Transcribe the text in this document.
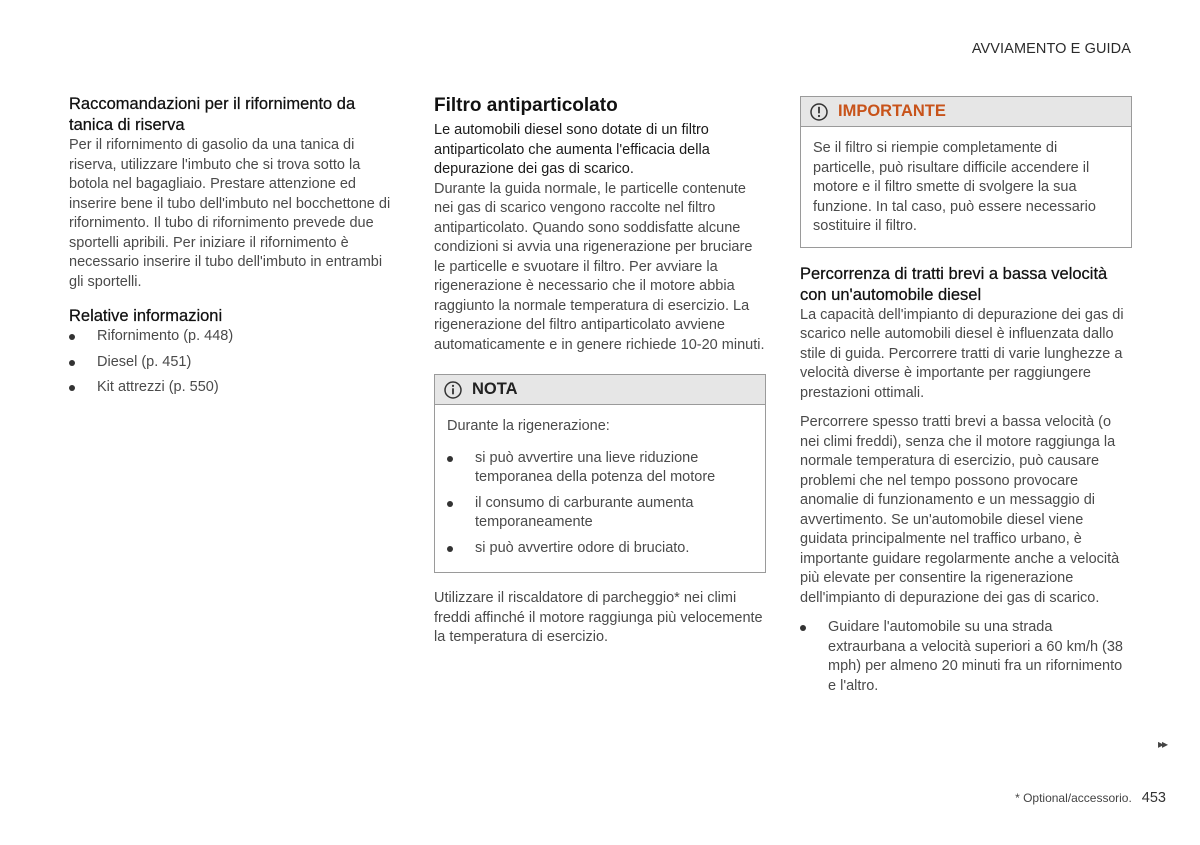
AVVIAMENTO E GUIDA
Raccomandazioni per il rifornimento da tanica di riserva

Per il rifornimento di gasolio da una tanica di riserva, utilizzare l'imbuto che si trova sotto la botola nel bagagliaio. Prestare attenzione ed inserire bene il tubo dell'imbuto nel bocchettone di rifornimento. Il tubo di rifornimento prevede due sportelli apribili. Per iniziare il rifornimento è necessario inserire il tubo dell'imbuto in entrambi gli sportelli.

Relative informazioni
Rifornimento (p. 448)
Diesel (p. 451)
Kit attrezzi (p. 550)
Filtro antiparticolato

Le automobili diesel sono dotate di un filtro antiparticolato che aumenta l'efficacia della depurazione dei gas di scarico.

Durante la guida normale, le particelle contenute nei gas di scarico vengono raccolte nel filtro antiparticolato. Quando sono soddisfatte alcune condizioni si avvia una rigenerazione per bruciare le particelle e svuotare il filtro. Per avviare la rigenerazione è necessario che il motore abbia raggiunto la normale temperatura di esercizio. La rigenerazione del filtro antiparticolato avviene automaticamente e in genere richiede 10-20 minuti.

NOTA

Durante la rigenerazione:

si può avvertire una lieve riduzione temporanea della potenza del motore
il consumo di carburante aumenta temporaneamente
si può avvertire odore di bruciato.

Utilizzare il riscaldatore di parcheggio* nei climi freddi affinché il motore raggiunga più velocemente la temperatura di esercizio.

IMPORTANTE

Se il filtro si riempie completamente di particelle, può risultare difficile accendere il motore e il filtro smette di svolgere la sua funzione. In tal caso, può essere necessario sostituire il filtro.

Percorrenza di tratti brevi a bassa velocità con un'automobile diesel

La capacità dell'impianto di depurazione dei gas di scarico nelle automobili diesel è influenzata dallo stile di guida. Percorrere tratti di varie lunghezze a velocità diverse è importante per raggiungere prestazioni ottimali.

Percorrere spesso tratti brevi a bassa velocità (o nei climi freddi), senza che il motore raggiunga la normale temperatura di esercizio, può causare problemi che nel tempo possono provocare anomalie di funzionamento e un messaggio di avvertimento. Se un'automobile diesel viene guidata principalmente nel traffico urbano, è importante guidare regolarmente anche a velocità più elevate per consentire la rigenerazione dell'impianto di depurazione dei gas di scarico.

Guidare l'automobile su una strada extraurbana a velocità superiori a 60 km/h (38 mph) per almeno 20 minuti fra un rifornimento e l'altro.
▸▸
* Optional/accessorio. 453
